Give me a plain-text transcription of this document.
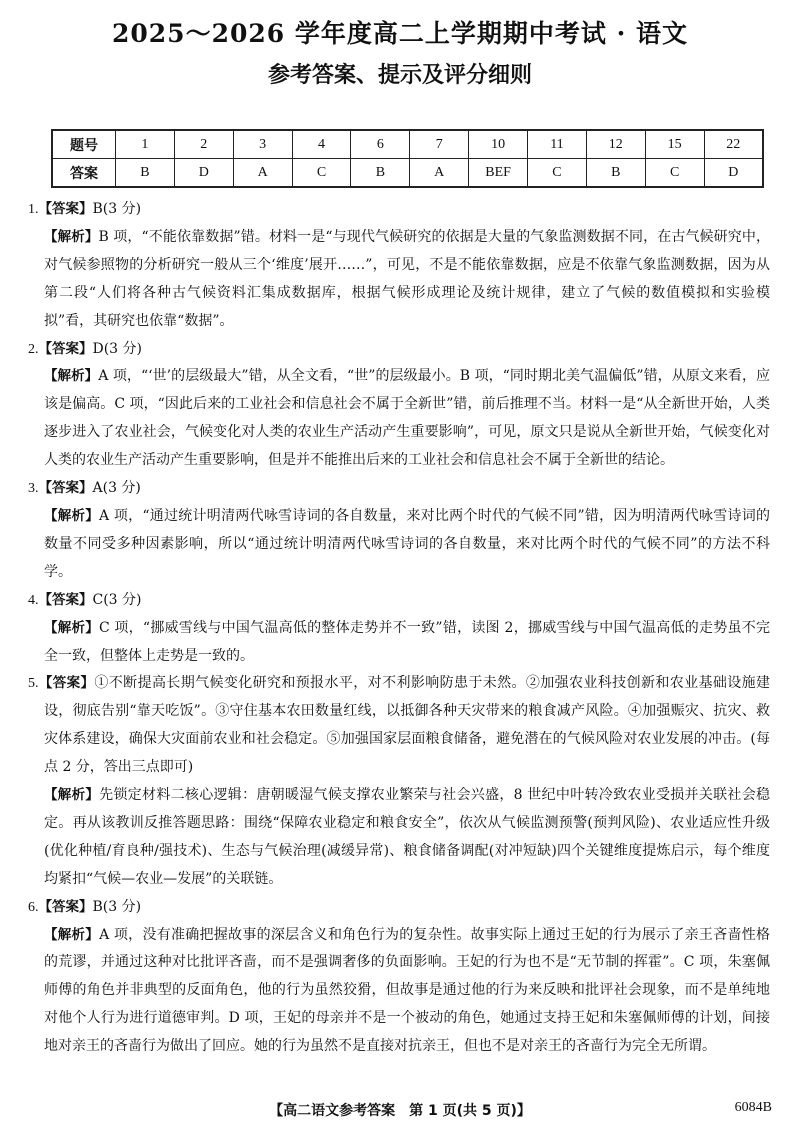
2025～2026 学年度高二上学期期中考试 · 语文
参考答案、提示及评分细则
题号	1	2	3	4	6	7	10	11	12	15	22
答案	B	D	A	C	B	A	BEF	C	B	C	D

1.【答案】B(3 分)

【解析】B 项，“不能依靠数据”错。材料一是“与现代气候研究的依据是大量的气象监测数据不同，在古气候研究中，对气候参照物的分析研究一般从三个‘维度’展开……”，可见，不是不能依靠数据，应是不依靠气象监测数据，因为从第二段“人们将各种古气候资料汇集成数据库，根据气候形成理论及统计规律，建立了气候的数值模拟和实验模拟”看，其研究也依靠“数据”。

2.【答案】D(3 分)

【解析】A 项，“‘世’的层级最大”错，从全文看，“世”的层级最小。B 项，“同时期北美气温偏低”错，从原文来看，应该是偏高。C 项，“因此后来的工业社会和信息社会不属于全新世”错，前后推理不当。材料一是“从全新世开始，人类逐步进入了农业社会，气候变化对人类的农业生产活动产生重要影响”，可见，原文只是说从全新世开始，气候变化对人类的农业生产活动产生重要影响，但是并不能推出后来的工业社会和信息社会不属于全新世的结论。

3.【答案】A(3 分)

【解析】A 项，“通过统计明清两代咏雪诗词的各自数量，来对比两个时代的气候不同”错，因为明清两代咏雪诗词的数量不同受多种因素影响，所以“通过统计明清两代咏雪诗词的各自数量，来对比两个时代的气候不同”的方法不科学。

4.【答案】C(3 分)

【解析】C 项，“挪威雪线与中国气温高低的整体走势并不一致”错，读图 2，挪威雪线与中国气温高低的走势虽不完全一致，但整体上走势是一致的。

5.【答案】①不断提高长期气候变化研究和预报水平，对不利影响防患于未然。②加强农业科技创新和农业基础设施建设，彻底告别“靠天吃饭”。③守住基本农田数量红线，以抵御各种天灾带来的粮食减产风险。④加强赈灾、抗灾、救灾体系建设，确保大灾面前农业和社会稳定。⑤加强国家层面粮食储备，避免潜在的气候风险对农业发展的冲击。(每点 2 分，答出三点即可)

【解析】先锁定材料二核心逻辑：唐朝暖湿气候支撑农业繁荣与社会兴盛，8 世纪中叶转冷致农业受损并关联社会稳定。再从该教训反推答题思路：围绕“保障农业稳定和粮食安全”，依次从气候监测预警(预判风险)、农业适应性升级(优化种植/育良种/强技术)、生态与气候治理(减缓异常)、粮食储备调配(对冲短缺)四个关键维度提炼启示，每个维度均紧扣“气候—农业—发展”的关联链。

6.【答案】B(3 分)

【解析】A 项，没有准确把握故事的深层含义和角色行为的复杂性。故事实际上通过王妃的行为展示了亲王吝啬性格的荒谬，并通过这种对比批评吝啬，而不是强调奢侈的负面影响。王妃的行为也不是“无节制的挥霍”。C 项，朱塞佩师傅的角色并非典型的反面角色，他的行为虽然狡猾，但故事是通过他的行为来反映和批评社会现象，而不是单纯地对他个人行为进行道德审判。D 项，王妃的母亲并不是一个被动的角色，她通过支持王妃和朱塞佩师傅的计划，间接地对亲王的吝啬行为做出了回应。她的行为虽然不是直接对抗亲王，但也不是对亲王的吝啬行为完全无所谓。

【高二语文参考答案　第 1 页(共 5 页)】	6084B
